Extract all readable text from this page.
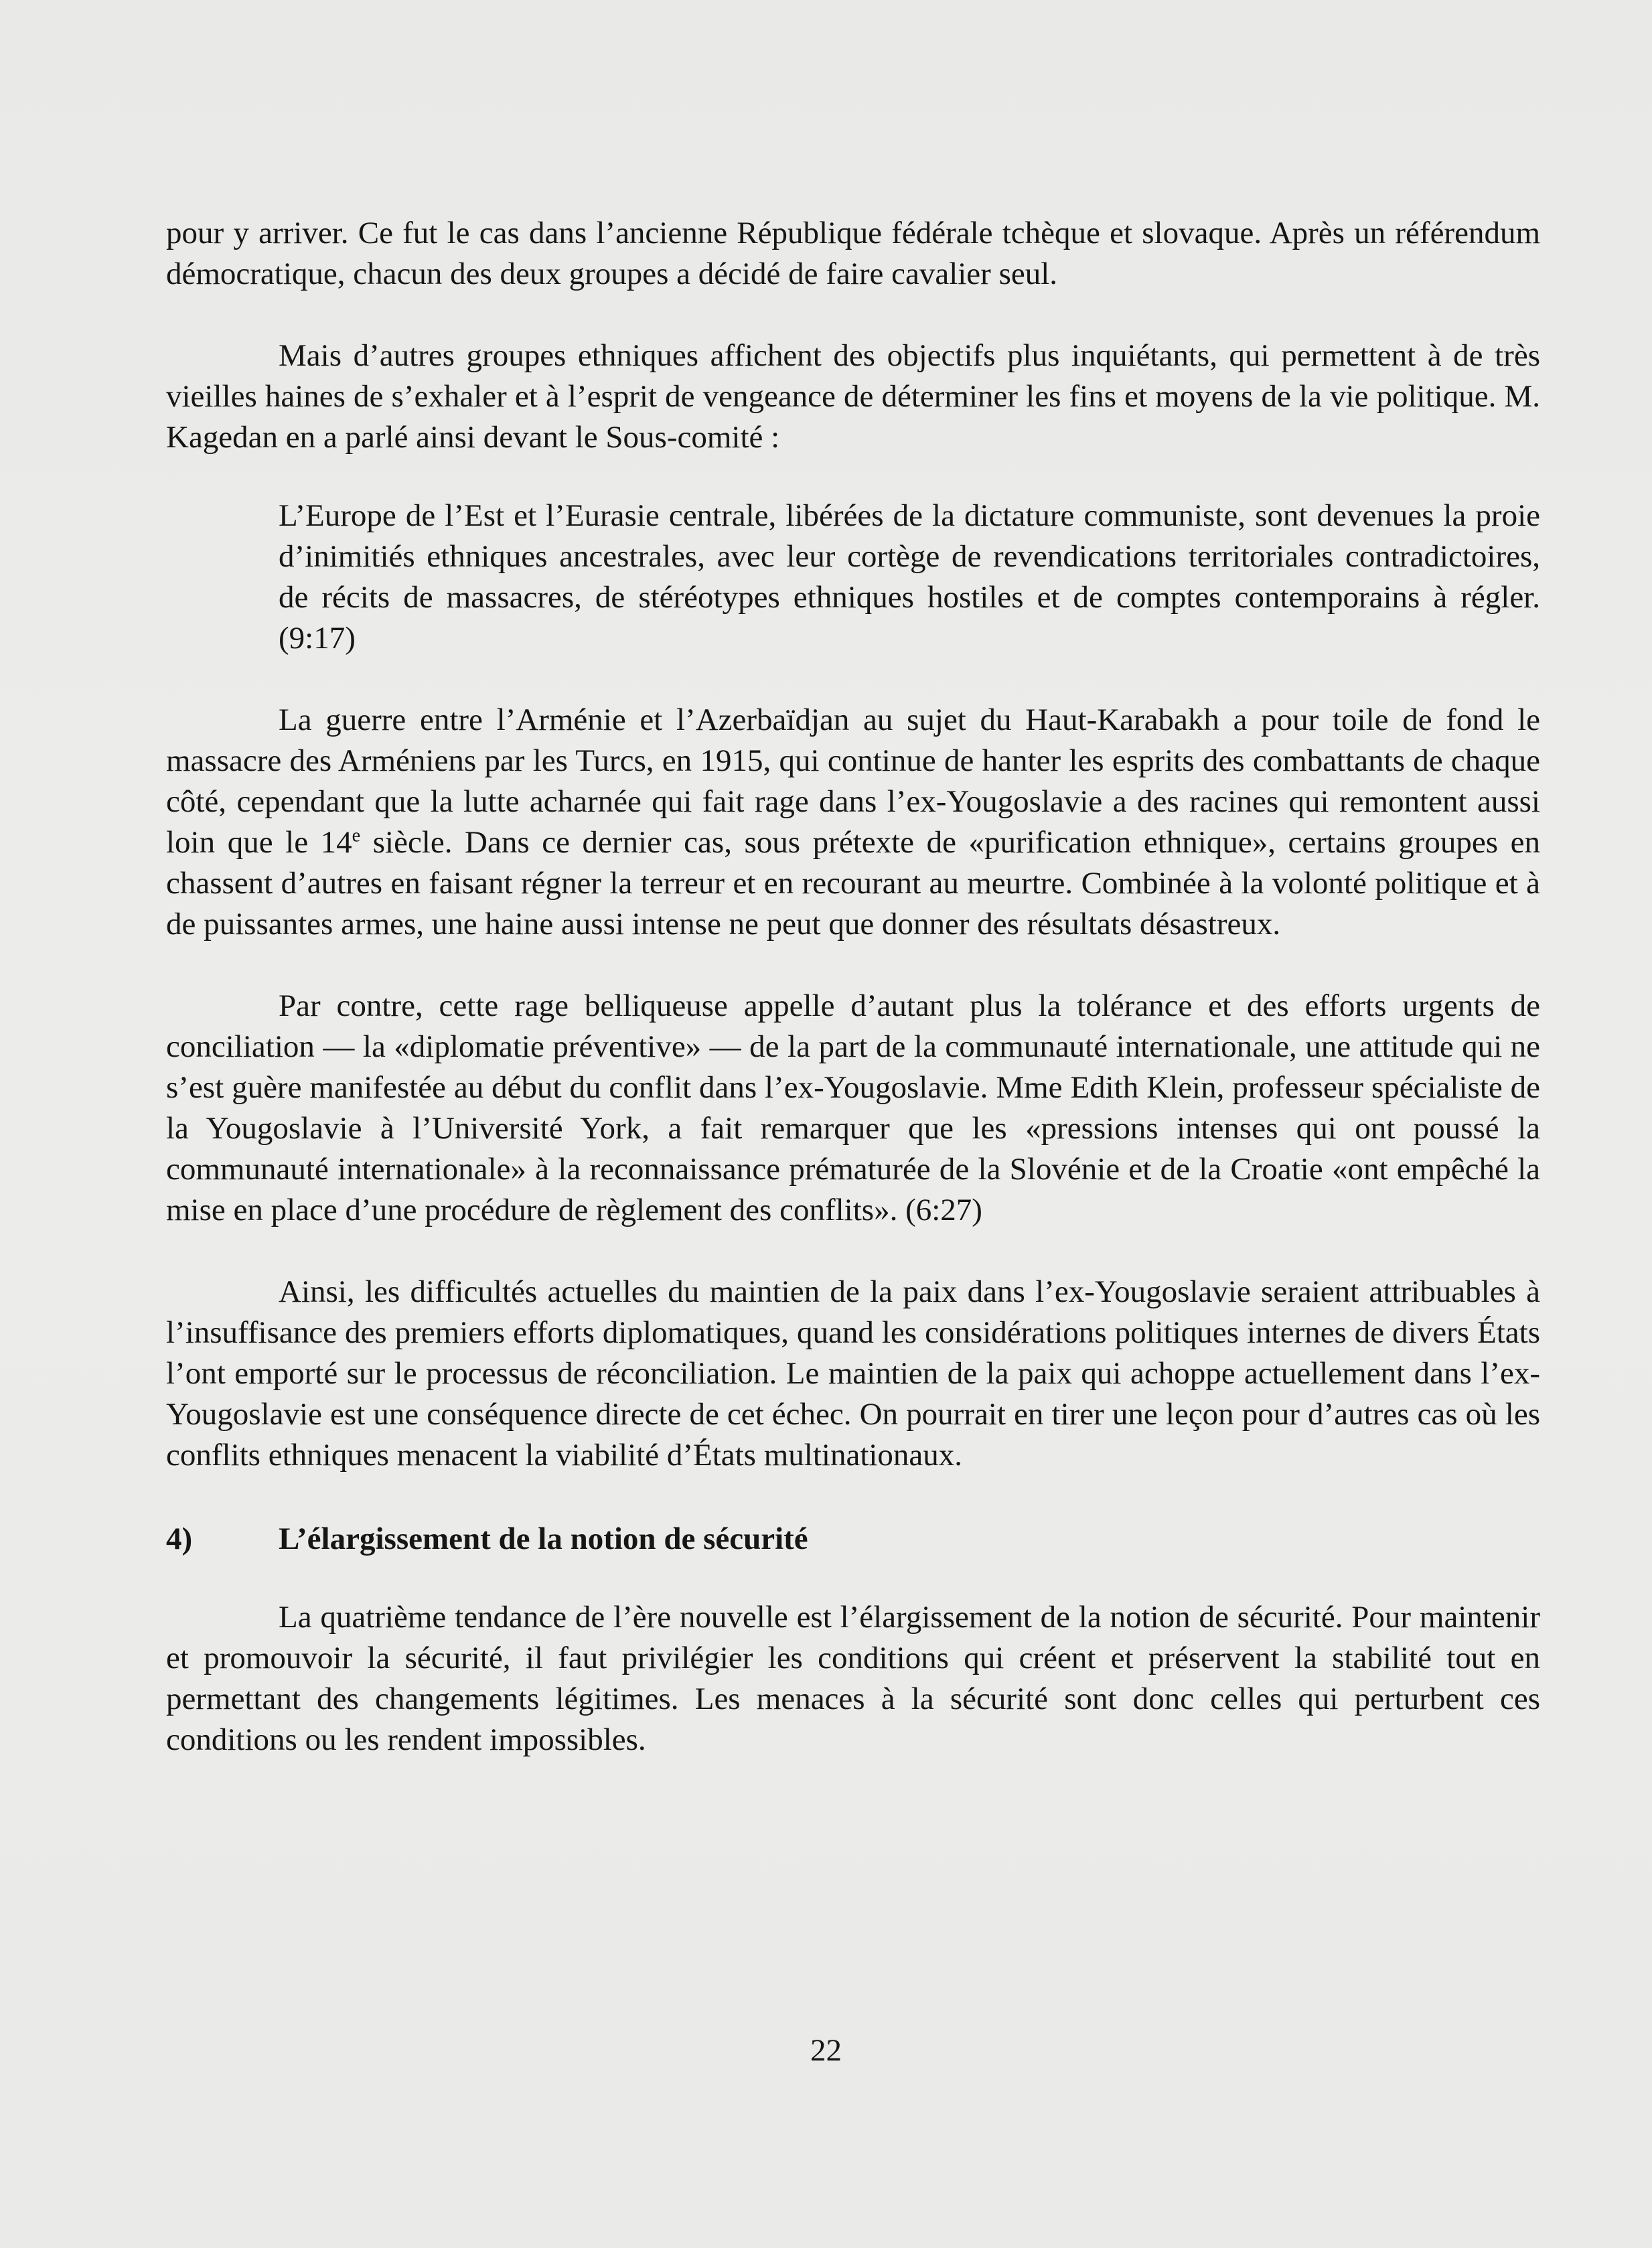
pour y arriver. Ce fut le cas dans l’ancienne République fédérale tchèque et slovaque. Après un référendum démocratique, chacun des deux groupes a décidé de faire cavalier seul.

Mais d’autres groupes ethniques affichent des objectifs plus inquiétants, qui permettent à de très vieilles haines de s’exhaler et à l’esprit de vengeance de déterminer les fins et moyens de la vie politique. M. Kagedan en a parlé ainsi devant le Sous-comité :

L’Europe de l’Est et l’Eurasie centrale, libérées de la dictature communiste, sont devenues la proie d’inimitiés ethniques ancestrales, avec leur cortège de revendications territoriales contradictoires, de récits de massacres, de stéréotypes ethniques hostiles et de comptes contemporains à régler. (9:17)

La guerre entre l’Arménie et l’Azerbaïdjan au sujet du Haut-Karabakh a pour toile de fond le massacre des Arméniens par les Turcs, en 1915, qui continue de hanter les esprits des combattants de chaque côté, cependant que la lutte acharnée qui fait rage dans l’ex-Yougoslavie a des racines qui remontent aussi loin que le 14e siècle. Dans ce dernier cas, sous prétexte de «purification ethnique», certains groupes en chassent d’autres en faisant régner la terreur et en recourant au meurtre. Combinée à la volonté politique et à de puissantes armes, une haine aussi intense ne peut que donner des résultats désastreux.

Par contre, cette rage belliqueuse appelle d’autant plus la tolérance et des efforts urgents de conciliation — la «diplomatie préventive» — de la part de la communauté internationale, une attitude qui ne s’est guère manifestée au début du conflit dans l’ex-Yougoslavie. Mme Edith Klein, professeur spécialiste de la Yougoslavie à l’Université York, a fait remarquer que les «pressions intenses qui ont poussé la communauté internationale» à la reconnaissance prématurée de la Slovénie et de la Croatie «ont empêché la mise en place d’une procédure de règlement des conflits». (6:27)

Ainsi, les difficultés actuelles du maintien de la paix dans l’ex-Yougoslavie seraient attribuables à l’insuffisance des premiers efforts diplomatiques, quand les considérations politiques internes de divers États l’ont emporté sur le processus de réconciliation. Le maintien de la paix qui achoppe actuellement dans l’ex-Yougoslavie est une conséquence directe de cet échec. On pourrait en tirer une leçon pour d’autres cas où les conflits ethniques menacent la viabilité d’États multinationaux.

4)	L’élargissement de la notion de sécurité

La quatrième tendance de l’ère nouvelle est l’élargissement de la notion de sécurité. Pour maintenir et promouvoir la sécurité, il faut privilégier les conditions qui créent et préservent la stabilité tout en permettant des changements légitimes. Les menaces à la sécurité sont donc celles qui perturbent ces conditions ou les rendent impossibles.

22
